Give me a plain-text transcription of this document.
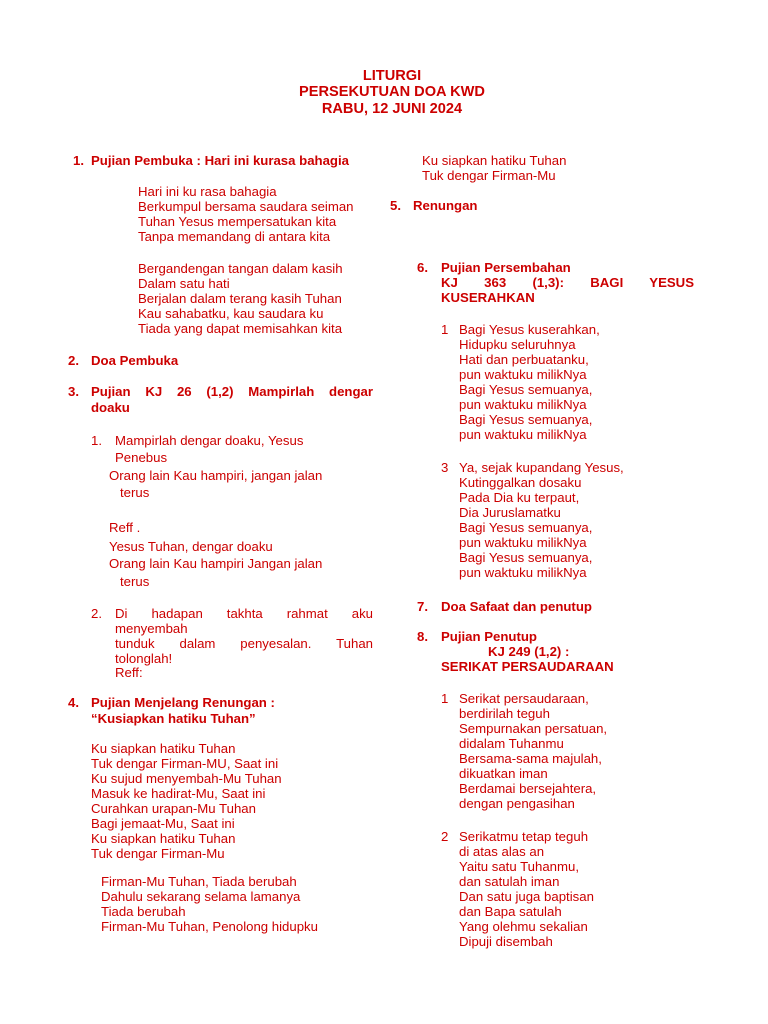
LITURGI
PERSEKUTUAN DOA KWD
RABU, 12 JUNI 2024
1. Pujian Pembuka : Hari ini kurasa bahagia
Hari ini ku rasa bahagia
Berkumpul bersama saudara seiman
Tuhan Yesus mempersatukan kita
Tanpa memandang di antara kita
Bergandengan tangan dalam kasih
Dalam satu hati
Berjalan dalam terang kasih Tuhan
Kau sahabatku, kau saudara ku
Tiada yang dapat memisahkan kita
2. Doa Pembuka
3. Pujian KJ 26 (1,2) Mampirlah dengar
doaku
1. Mampirlah dengar doaku, Yesus
Penebus
Orang lain Kau hampiri, jangan jalan
terus
Reff .
Yesus Tuhan, dengar doaku
Orang lain Kau hampiri Jangan jalan
terus
2. Di hadapan takhta rahmat aku
menyembah
tunduk dalam penyesalan. Tuhan
tolonglah!
Reff:
4. Pujian Menjelang Renungan :
“Kusiapkan hatiku Tuhan”
Ku siapkan hatiku Tuhan
Tuk dengar Firman-MU, Saat ini
Ku sujud menyembah-Mu Tuhan
Masuk ke hadirat-Mu, Saat ini
Curahkan urapan-Mu Tuhan
Bagi jemaat-Mu, Saat ini
Ku siapkan hatiku Tuhan
Tuk dengar Firman-Mu
Firman-Mu Tuhan, Tiada berubah
Dahulu sekarang selama lamanya
Tiada berubah
Firman-Mu Tuhan, Penolong hidupku
Ku siapkan hatiku Tuhan
Tuk dengar Firman-Mu
5. Renungan
6. Pujian Persembahan
KJ 363 (1,3): BAGI YESUS
KUSERAHKAN
1 Bagi Yesus kuserahkan,
Hidupku seluruhnya
Hati dan perbuatanku,
pun waktuku milikNya
Bagi Yesus semuanya,
pun waktuku milikNya
Bagi Yesus semuanya,
pun waktuku milikNya
3 Ya, sejak kupandang Yesus,
Kutinggalkan dosaku
Pada Dia ku terpaut,
Dia Juruslamatku
Bagi Yesus semuanya,
pun waktuku milikNya
Bagi Yesus semuanya,
pun waktuku milikNya
7. Doa Safaat dan penutup
8. Pujian Penutup
KJ 249 (1,2) :
SERIKAT PERSAUDARAAN
1 Serikat persaudaraan,
berdirilah teguh
Sempurnakan persatuan,
didalam Tuhanmu
Bersama-sama majulah,
dikuatkan iman
Berdamai bersejahtera,
dengan pengasihan
2 Serikatmu tetap teguh
di atas alas an
Yaitu satu Tuhanmu,
dan satulah iman
Dan satu juga baptisan
dan Bapa satulah
Yang olehmu sekalian
Dipuji disembah
